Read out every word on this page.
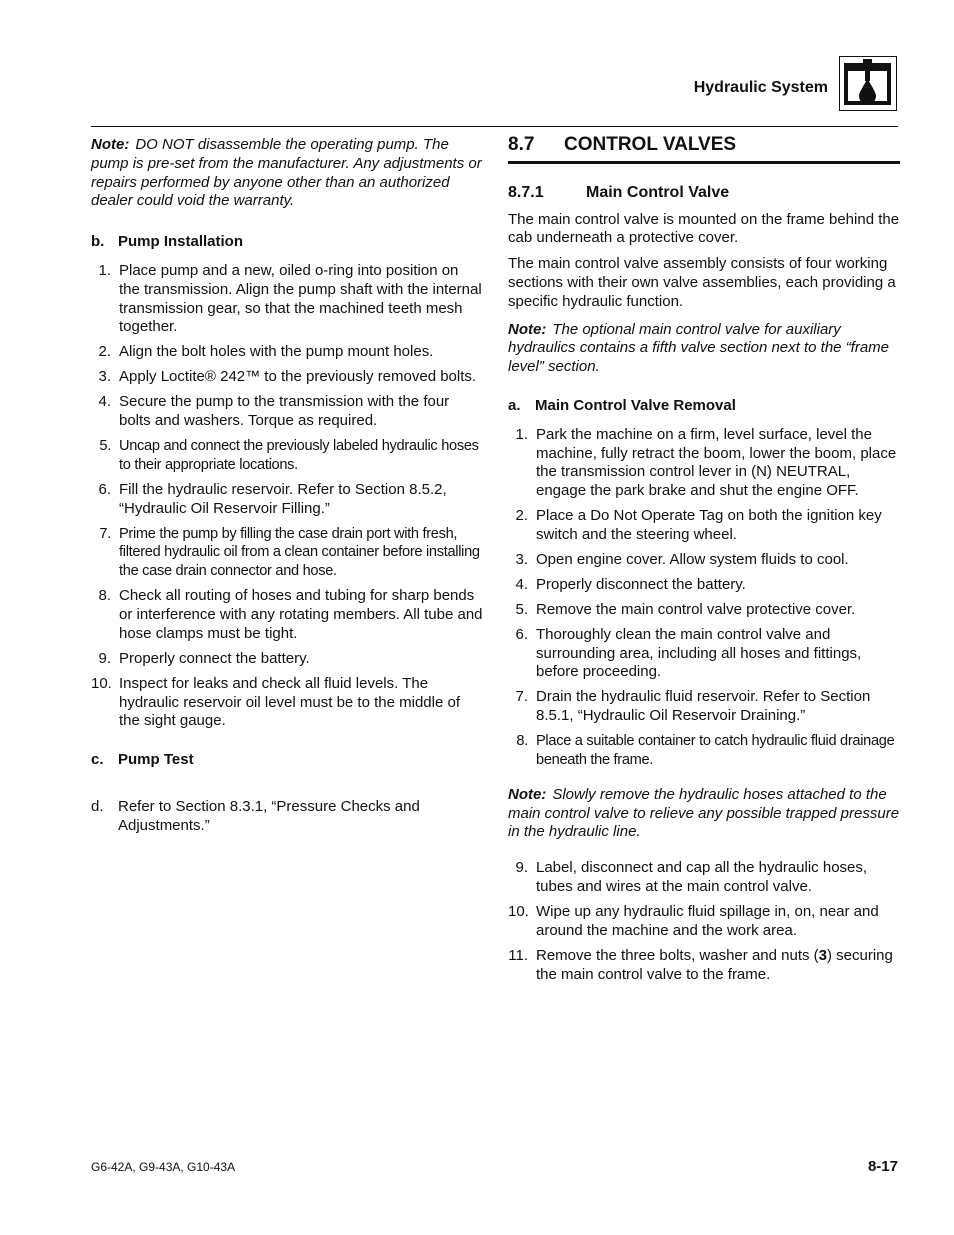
Hydraulic System

Note: DO NOT disassemble the operating pump. The pump is pre-set from the manufacturer. Any adjustments or repairs performed by anyone other than an authorized dealer could void the warranty.

b. Pump Installation
1. Place pump and a new, oiled o-ring into position on the transmission. Align the pump shaft with the internal transmission gear, so that the machined teeth mesh together.
2. Align the bolt holes with the pump mount holes.
3. Apply Loctite® 242™ to the previously removed bolts.
4. Secure the pump to the transmission with the four bolts and washers. Torque as required.
5. Uncap and connect the previously labeled hydraulic hoses to their appropriate locations.
6. Fill the hydraulic reservoir. Refer to Section 8.5.2, “Hydraulic Oil Reservoir Filling.”
7. Prime the pump by filling the case drain port with fresh, filtered hydraulic oil from a clean container before installing the case drain connector and hose.
8. Check all routing of hoses and tubing for sharp bends or interference with any rotating members. All tube and hose clamps must be tight.
9. Properly connect the battery.
10. Inspect for leaks and check all fluid levels. The hydraulic reservoir oil level must be to the middle of the sight gauge.
c. Pump Test
d. Refer to Section 8.3.1, “Pressure Checks and Adjustments.”
8.7 CONTROL VALVES
8.7.1	Main Control Valve

The main control valve is mounted on the frame behind the cab underneath a protective cover.

The main control valve assembly consists of four working sections with their own valve assemblies, each providing a specific hydraulic function.

Note: The optional main control valve for auxiliary hydraulics contains a fifth valve section next to the “frame level” section.

a. Main Control Valve Removal
1. Park the machine on a firm, level surface, level the machine, fully retract the boom, lower the boom, place the transmission control lever in (N) NEUTRAL, engage the park brake and shut the engine OFF.
2. Place a Do Not Operate Tag on both the ignition key switch and the steering wheel.
3. Open engine cover. Allow system fluids to cool.
4. Properly disconnect the battery.
5. Remove the main control valve protective cover.
6. Thoroughly clean the main control valve and surrounding area, including all hoses and fittings, before proceeding.
7. Drain the hydraulic fluid reservoir. Refer to Section 8.5.1, “Hydraulic Oil Reservoir Draining.”
8. Place a suitable container to catch hydraulic fluid drainage beneath the frame.

Note: Slowly remove the hydraulic hoses attached to the main control valve to relieve any possible trapped pressure in the hydraulic line.

9. Label, disconnect and cap all the hydraulic hoses, tubes and wires at the main control valve.
10. Wipe up any hydraulic fluid spillage in, on, near and around the machine and the work area.
11. Remove the three bolts, washer and nuts (3) securing the main control valve to the frame.
G6-42A, G9-43A, G10-43A	8-17
